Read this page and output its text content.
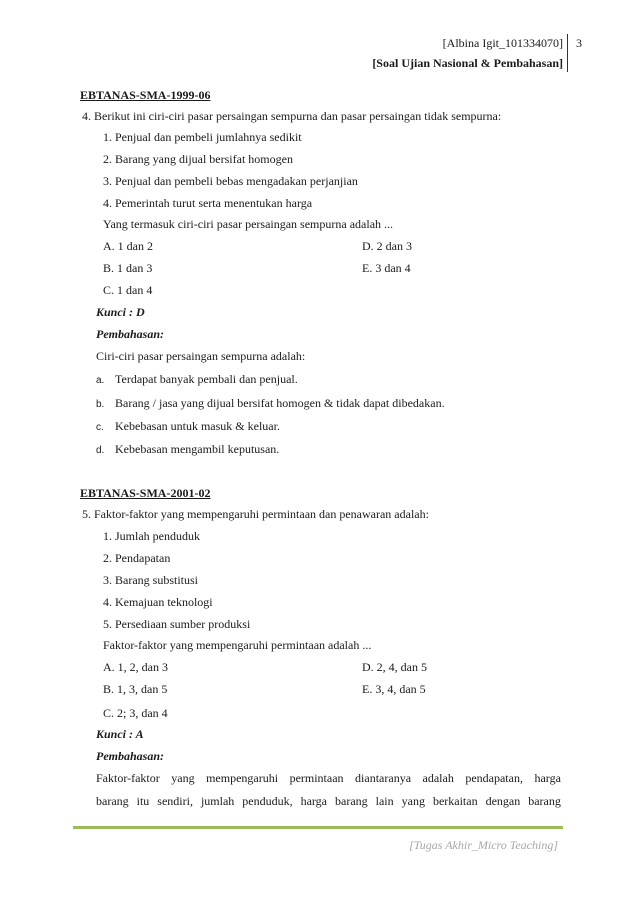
[Albina Igit_101334070]
[Soal Ujian Nasional & Pembahasan]
3
EBTANAS-SMA-1999-06
4. Berikut ini ciri-ciri pasar persaingan sempurna dan pasar persaingan tidak sempurna:
1. Penjual dan pembeli jumlahnya sedikit
2. Barang yang dijual bersifat homogen
3. Penjual dan pembeli bebas mengadakan perjanjian
4. Pemerintah turut serta menentukan harga
Yang termasuk ciri-ciri pasar persaingan sempurna adalah ...
A. 1 dan 2	D. 2 dan 3
B. 1 dan 3	E. 3 dan 4
C. 1 dan 4
Kunci : D
Pembahasan:
Ciri-ciri pasar persaingan sempurna adalah:
a. Terdapat banyak pembali dan penjual.
b. Barang / jasa yang dijual bersifat homogen & tidak dapat dibedakan.
c. Kebebasan untuk masuk & keluar.
d. Kebebasan mengambil keputusan.
EBTANAS-SMA-2001-02
5. Faktor-faktor yang mempengaruhi permintaan dan penawaran adalah:
1. Jumlah penduduk
2. Pendapatan
3. Barang substitusi
4. Kemajuan teknologi
5. Persediaan sumber produksi
Faktor-faktor yang mempengaruhi permintaan adalah ...
A. 1, 2, dan 3	D. 2, 4, dan 5
B. 1, 3, dan 5	E. 3, 4, dan 5
C. 2; 3, dan 4
Kunci : A
Pembahasan:
Faktor-faktor yang mempengaruhi permintaan diantaranya adalah pendapatan, harga
barang itu sendiri, jumlah penduduk, harga barang lain yang berkaitan dengan barang
[Tugas Akhir_Micro Teaching]
